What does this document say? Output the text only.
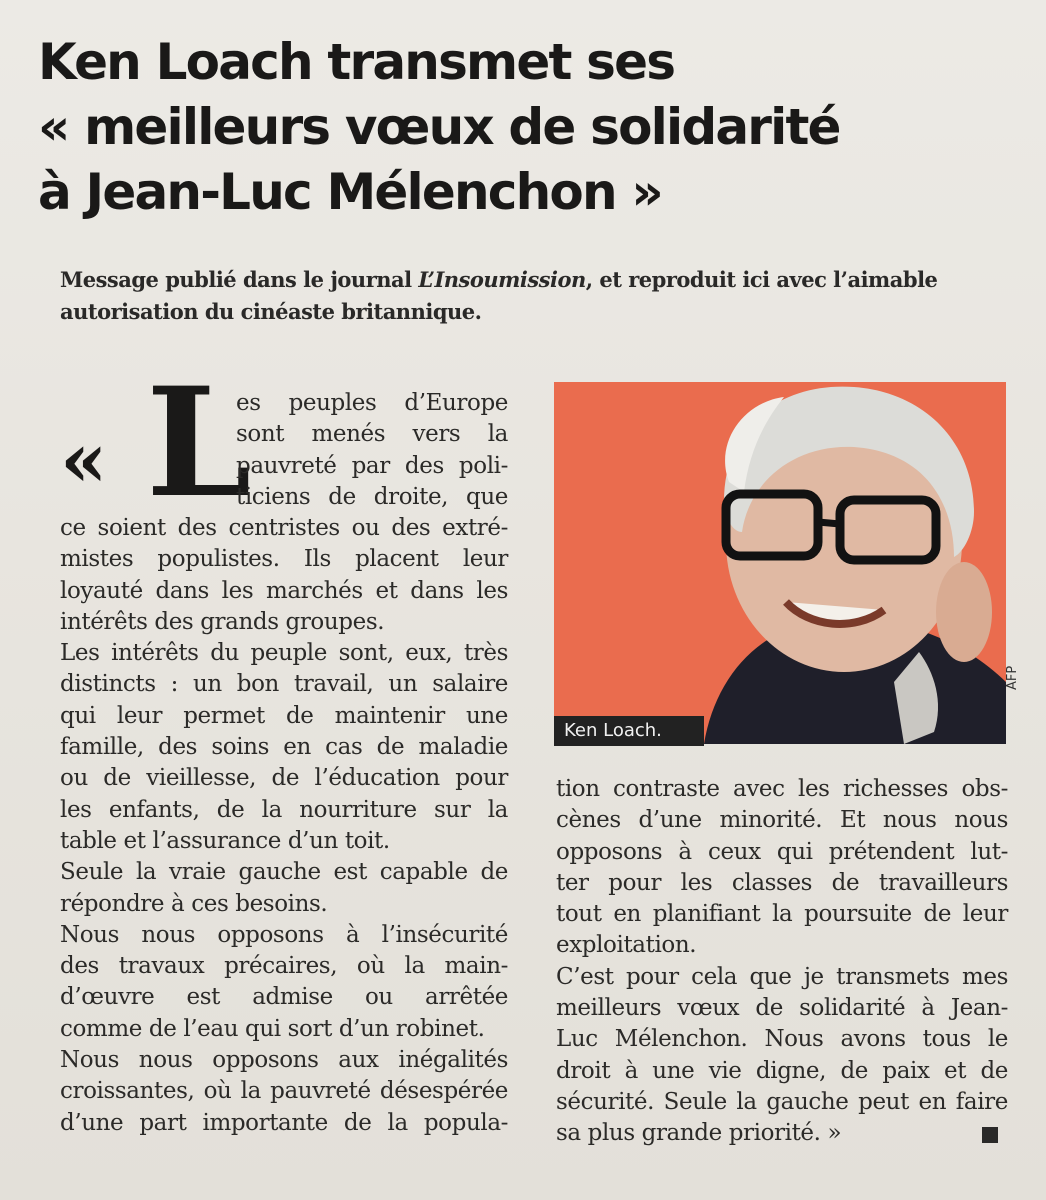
Ken Loach transmet ses
« meilleurs vœux de solidarité
à Jean-Luc Mélenchon »
Message publié dans le journal L’Insoumission, et reproduit ici avec l’aimable
autorisation du cinéaste britannique.
« L
es peuples d’Europe
sont menés vers la
pauvreté par des poli-
ticiens de droite, que
ce soient des centristes ou des extré-
mistes populistes. Ils placent leur
loyauté dans les marchés et dans les
intérêts des grands groupes.
Les intérêts du peuple sont, eux, très
distincts : un bon travail, un salaire
qui leur permet de maintenir une
famille, des soins en cas de maladie
ou de vieillesse, de l’éducation pour
les enfants, de la nourriture sur la
table et l’assurance d’un toit.
Seule la vraie gauche est capable de
répondre à ces besoins.
Nous nous opposons à l’insécurité
des travaux précaires, où la main-
d’œuvre est admise ou arrêtée
comme de l’eau qui sort d’un robinet.
Nous nous opposons aux inégalités
croissantes, où la pauvreté désespérée
d’une part importante de la popula-
Ken Loach.
AFP
tion contraste avec les richesses obs-
cènes d’une minorité. Et nous nous
opposons à ceux qui prétendent lut-
ter pour les classes de travailleurs
tout en planifiant la poursuite de leur
exploitation.
C’est pour cela que je transmets mes
meilleurs vœux de solidarité à Jean-
Luc Mélenchon. Nous avons tous le
droit à une vie digne, de paix et de
sécurité. Seule la gauche peut en faire
sa plus grande priorité. »
